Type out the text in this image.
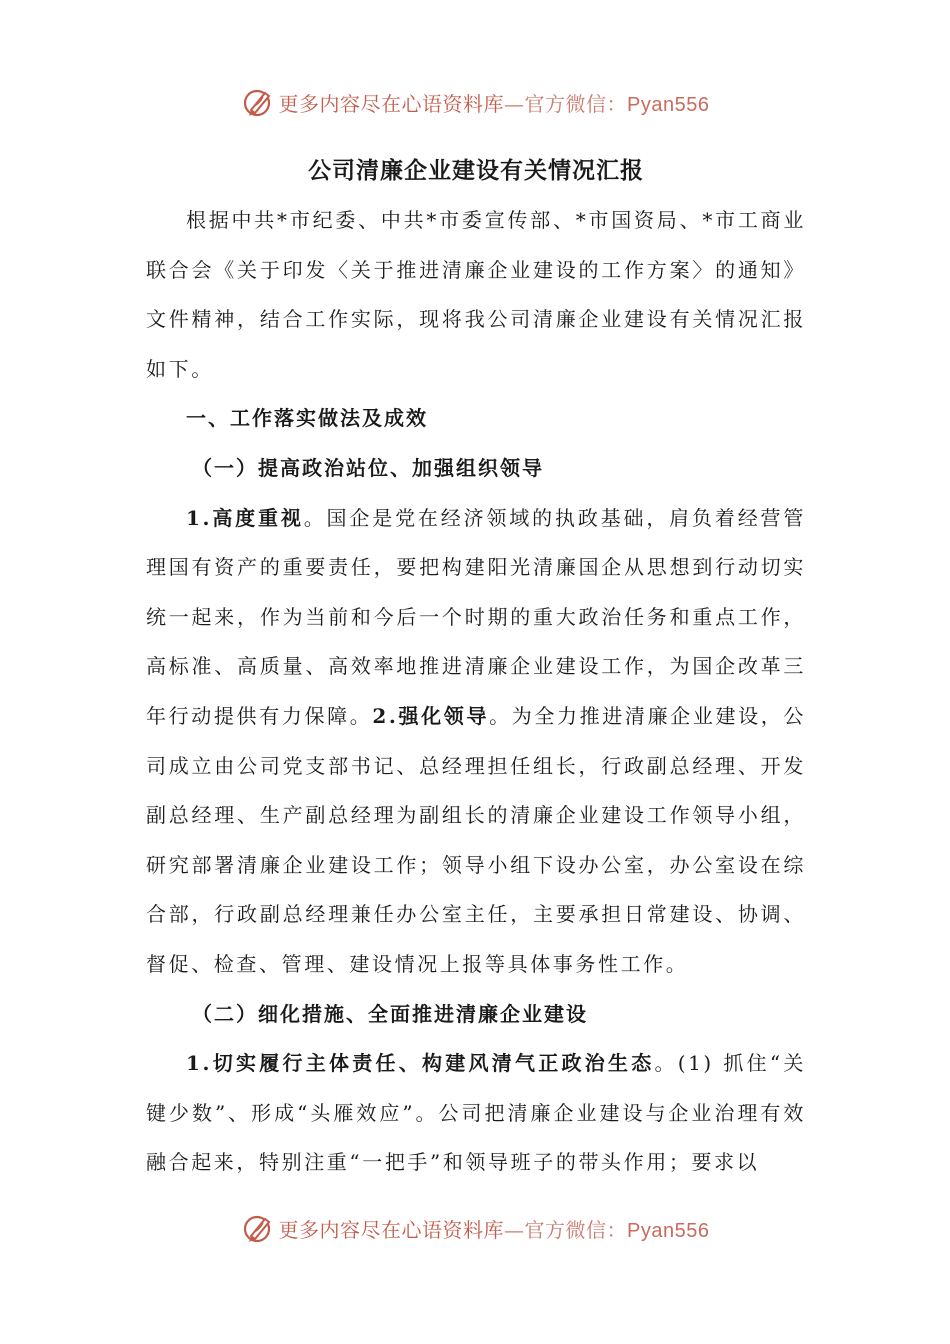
更多内容尽在心语资料库—官方微信：Pyan556
公司清廉企业建设有关情况汇报

根据中共*市纪委、中共*市委宣传部、*市国资局、*市工商业联合会《关于印发〈关于推进清廉企业建设的工作方案〉的通知》文件精神，结合工作实际，现将我公司清廉企业建设有关情况汇报如下。

一、工作落实做法及成效

（一）提高政治站位、加强组织领导

1.高度重视。国企是党在经济领域的执政基础，肩负着经营管理国有资产的重要责任，要把构建阳光清廉国企从思想到行动切实统一起来，作为当前和今后一个时期的重大政治任务和重点工作，高标准、高质量、高效率地推进清廉企业建设工作，为国企改革三年行动提供有力保障。2.强化领导。为全力推进清廉企业建设，公司成立由公司党支部书记、总经理担任组长，行政副总经理、开发副总经理、生产副总经理为副组长的清廉企业建设工作领导小组，研究部署清廉企业建设工作；领导小组下设办公室，办公室设在综合部，行政副总经理兼任办公室主任，主要承担日常建设、协调、督促、检查、管理、建设情况上报等具体事务性工作。

（二）细化措施、全面推进清廉企业建设

1.切实履行主体责任、构建风清气正政治生态。(1) 抓住“关键少数”、形成“头雁效应”。公司把清廉企业建设与企业治理有效融合起来，特别注重“一把手”和领导班子的带头作用；要求以

更多内容尽在心语资料库—官方微信：Pyan556
